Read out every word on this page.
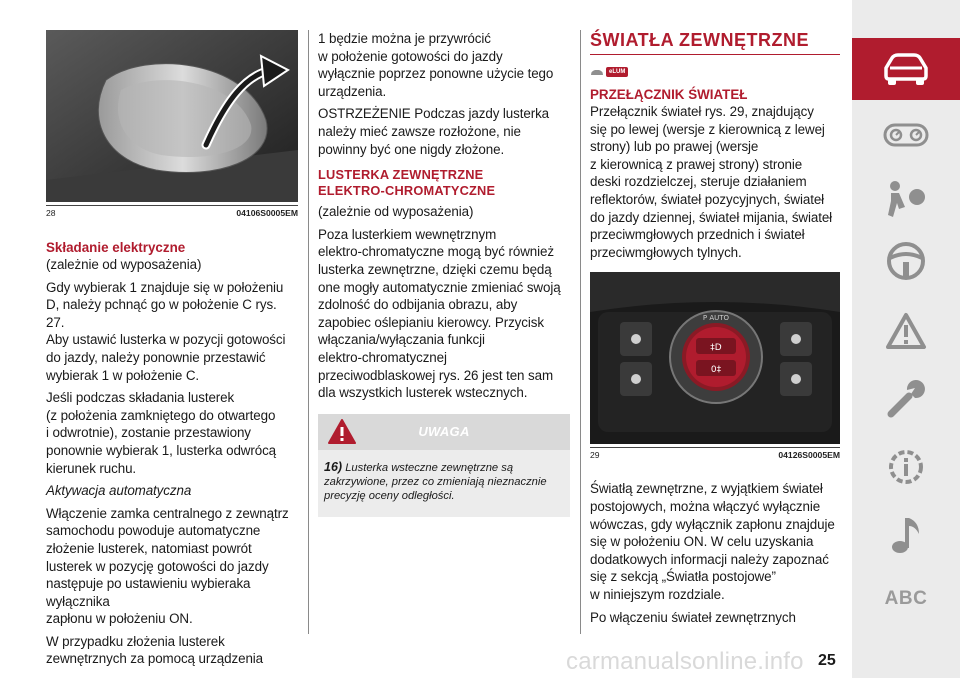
28	04106S0005EM

Składanie elektryczne

(zależnie od wyposażenia)

Gdy wybierak 1 znajduje się w położeniu
D, należy pchnąć go w położenie C rys. 27.
Aby ustawić lusterka w pozycji gotowości
do jazdy, należy ponownie przestawić
wybierak 1 w położenie C.

Jeśli podczas składania lusterek
(z położenia zamkniętego do otwartego
i odwrotnie), zostanie przestawiony
ponownie wybierak 1, lusterka odwrócą
kierunek ruchu.

Aktywacja automatyczna

Włączenie zamka centralnego z zewnątrz
samochodu powoduje automatyczne
złożenie lusterek, natomiast powrót
lusterek w pozycję gotowości do jazdy
następuje po ustawieniu wybieraka wyłącznika
zapłonu w położeniu ON.

W przypadku złożenia lusterek
zewnętrznych za pomocą urządzenia

1 będzie można je przywrócić
w położenie gotowości do jazdy
wyłącznie poprzez ponowne użycie tego
urządzenia.

OSTRZEŻENIE Podczas jazdy lusterka
należy mieć zawsze rozłożone, nie
powinny być one nigdy złożone.

LUSTERKA ZEWNĘTRZNE
ELEKTRO-CHROMATYCZNE

(zależnie od wyposażenia)

Poza lusterkiem wewnętrznym
elektro-chromatyczne mogą być również
lusterka zewnętrzne, dzięki czemu będą
one mogły automatycznie zmieniać swoją
zdolność do odbijania obrazu, aby
zapobiec oślepianiu kierowcy. Przycisk
włączania/wyłączania funkcji
elektro-chromatycznej
przeciwodblaskowej rys. 26 jest ten sam
dla wszystkich lusterek wstecznych.

UWAGA
16) Lusterka wsteczne zewnętrzne są
zakrzywione, przez co zmieniają nieznacznie
precyzję oceny odległości.

ŚWIATŁA ZEWNĘTRZNE

eLUM

PRZEŁĄCZNIK ŚWIATEŁ

Przełącznik świateł rys. 29, znajdujący
się po lewej (wersje z kierownicą z lewej
strony) lub po prawej (wersje
z kierownicą z prawej strony) stronie
deski rozdzielczej, steruje działaniem
reflektorów, świateł pozycyjnych, świateł
do jazdy dziennej, świateł mijania, świateł
przeciwmgłowych przednich i świateł
przeciwmgłowych tylnych.

‡D
0‡
P AUTO
29	04126S0005EM

Światłą zewnętrzne, z wyjątkiem świateł
postojowych, można włączyć wyłącznie
wówczas, gdy wyłącznik zapłonu znajduje
się w położeniu ON. W celu uzyskania
dodatkowych informacji należy zapoznać
się z sekcją „Światła postojowe”
w niniejszym rozdziale.

Po włączeniu świateł zewnętrznych

ABC
carmanualsonline.info 25
